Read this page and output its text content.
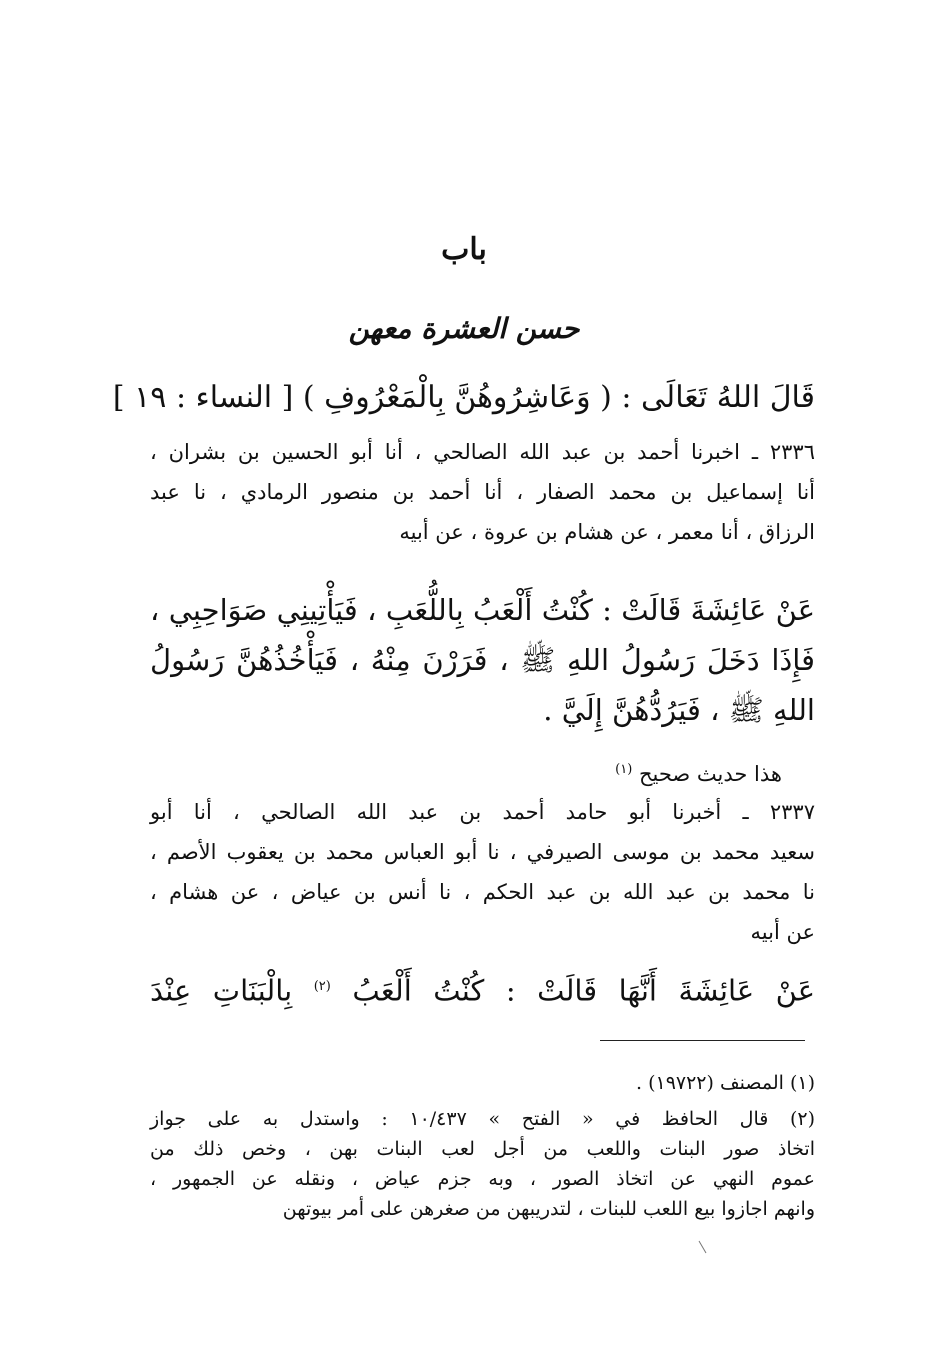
باب
حسن العشرة معهن
قَالَ اللهُ تَعَالَى : ( وَعَاشِرُوهُنَّ بِالْمَعْرُوفِ ) [ النساء : ١٩ ]
٢٣٣٦ ـ اخبرنا أحمد بن عبد الله الصالحي ، أنا أبو الحسين بن بشران ،
أنا إسماعيل بن محمد الصفار ، أنا أحمد بن منصور الرمادي ، نا عبد
الرزاق ، أنا معمر ، عن هشام بن عروة ، عن أبيه
عَنْ عَائِشَةَ قَالَتْ : كُنْتُ أَلْعَبُ بِاللُّعَبِ ، فَيَأْتِينِي صَوَاحِبِي ،
فَإِذَا دَخَلَ رَسُولُ اللهِ ﷺ ، فَرَرْنَ مِنْهُ ، فَيَأْخُذُهُنَّ رَسُولُ
اللهِ ﷺ ، فَيَرُدُّهُنَّ إِلَيَّ .
هذا حديث صحيح $^{(١)}$
٢٣٣٧ ـ أخبرنا أبو حامد أحمد بن عبد الله الصالحي ، أنا أبو
سعيد محمد بن موسى الصيرفي ، نا أبو العباس محمد بن يعقوب الأصم ،
نا محمد بن عبد الله بن عبد الحكم ، نا أنس بن عياض ، عن هشام ،
عن أبيه
عَنْ عَائِشَةَ أَنَّهَا قَالَتْ : كُنْتُ أَلْعَبُ $^{(٢)}$ بِالْبَنَاتِ عِنْدَ
(١) المصنف (١٩٧٢٢) .
(٢) قال الحافظ في « الفتح » ١٠/٤٣٧ : واستدل به على جواز
اتخاذ صور البنات واللعب من أجل لعب البنات بهن ، وخص ذلك من
عموم النهي عن اتخاذ الصور ، وبه جزم عياض ، ونقله عن الجمهور ،
وانهم اجازوا بيع اللعب للبنات ، لتدريبهن من صغرهن على أمر بيوتهن
